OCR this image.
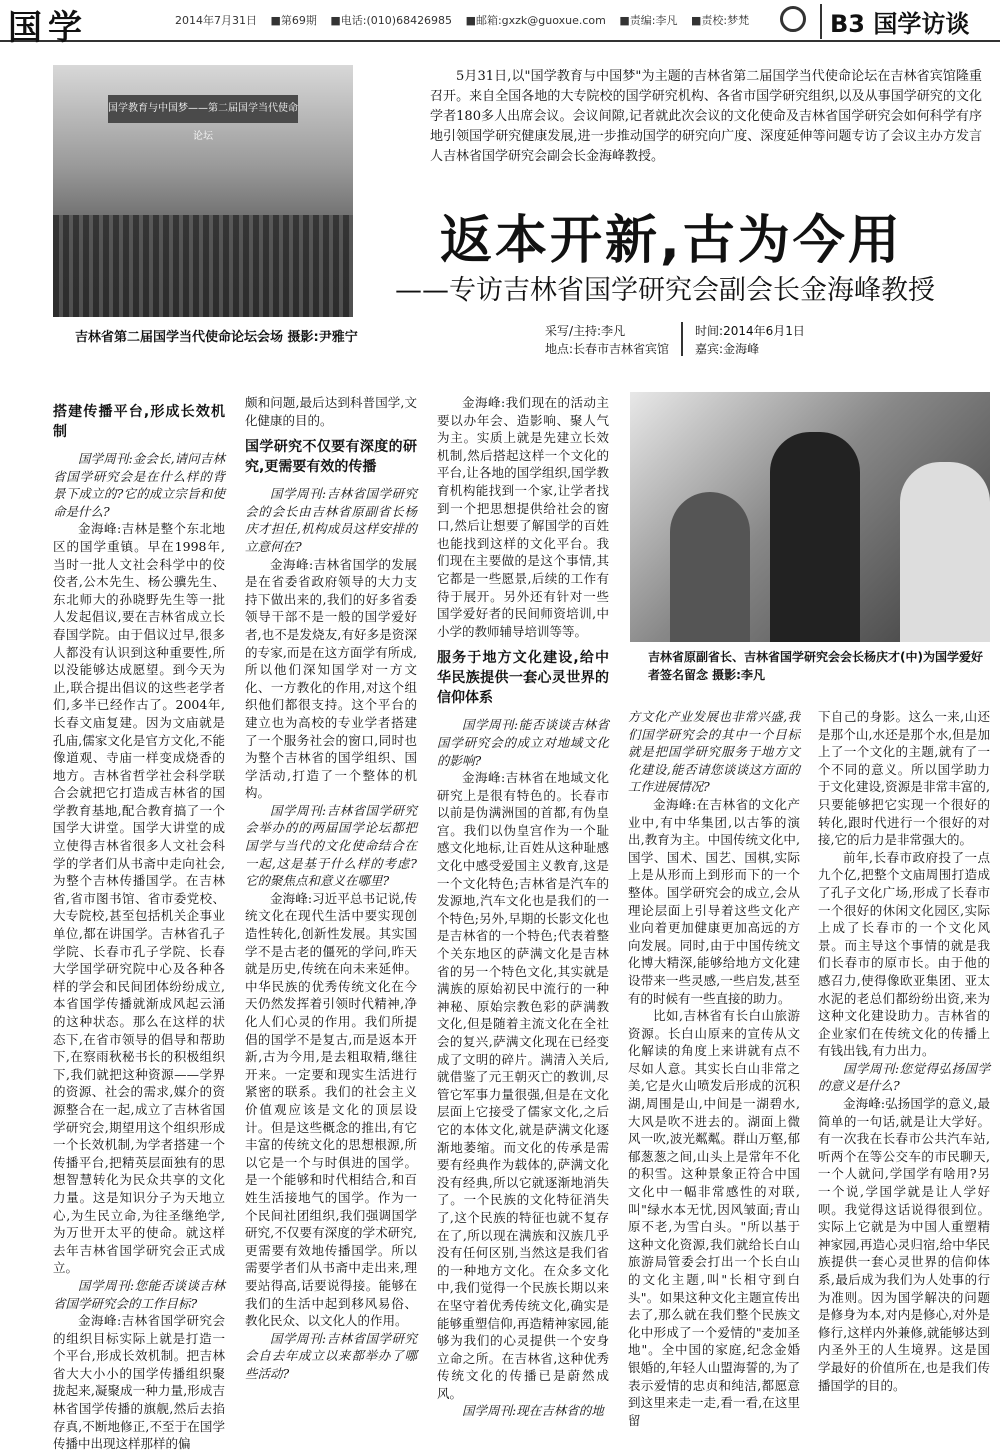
国学	2014年7月31日 ■第69期 ■电话:(010)68426985 ■邮箱:gxzk@guoxue.com ■责编:李凡 ■责校:梦梵	B3 国学访谈
国学教育与中国梦——第二届国学当代使命论坛
吉林省第二届国学当代使命论坛会场 摄影:尹雅宁
5月31日,以"国学教育与中国梦"为主题的吉林省第二届国学当代使命论坛在吉林省宾馆隆重召开。来自全国各地的大专院校的国学研究机构、各省市国学研究组织,以及从事国学研究的文化学者180多人出席会议。会议间隙,记者就此次会议的文化使命及吉林省国学研究会如何科学有序地引领国学研究健康发展,进一步推动国学的研究向广度、深度延伸等问题专访了会议主办方发言人吉林省国学研究会副会长金海峰教授。
返本开新,古为今用
——专访吉林省国学研究会副会长金海峰教授
采写/主持:李凡
地点:长春市吉林省宾馆
时间:2014年6月1日
嘉宾:金海峰
吉林省原副省长、吉林省国学研究会会长杨庆才(中)为国学爱好者签名留念 摄影:李凡
搭建传播平台,形成长效机制

国学周刊:金会长,请问吉林省国学研究会是在什么样的背景下成立的?它的成立宗旨和使命是什么?

金海峰:吉林是整个东北地区的国学重镇。早在1998年,当时一批人文社会科学中的佼佼者,公木先生、杨公骥先生、东北师大的孙晓野先生等一批人发起倡议,要在吉林省成立长春国学院。由于倡议过早,很多人都没有认识到这种重要性,所以没能够达成愿望。到今天为止,联合提出倡议的这些老学者们,多半已经作古了。2004年,长春文庙复建。因为文庙就是孔庙,儒家文化是官方文化,不能像道观、寺庙一样变成烧香的地方。吉林省哲学社会科学联合会就把它打造成吉林省的国学教育基地,配合教育搞了一个国学大讲堂。国学大讲堂的成立使得吉林省很多人文社会科学的学者们从书斋中走向社会,为整个吉林传播国学。在吉林省,省市图书馆、省市委党校、大专院校,甚至包括机关企事业单位,都在讲国学。吉林省孔子学院、长春市孔子学院、长春大学国学研究院中心及各种各样的学会和民间团体纷纷成立,本省国学传播就渐成风起云涌的这种状态。那么在这样的状态下,在省市领导的倡导和帮助下,在察雨秋秘书长的积极组织下,我们就把这种资源——学界的资源、社会的需求,媒介的资源整合在一起,成立了吉林省国学研究会,期望用这个组织形成一个长效机制,为学者搭建一个传播平台,把精英层面独有的思想智慧转化为民众共享的文化力量。这是知识分子为天地立心,为生民立命,为往圣继绝学,为万世开太平的使命。就这样去年吉林省国学研究会正式成立。

国学周刊:您能否谈谈吉林省国学研究会的工作目标?

金海峰:吉林省国学研究会的组织目标实际上就是打造一个平台,形成长效机制。把吉林省大大小小的国学传播组织聚拢起来,凝聚成一种力量,形成吉林省国学传播的旗舰,然后去掐存真,不断地修正,不至于在国学传播中出现这样那样的偏

颇和问题,最后达到科普国学,文化健康的目的。

国学研究不仅要有深度的研究,更需要有效的传播

国学周刊:吉林省国学研究会的会长由吉林省原副省长杨庆才担任,机构成员这样安排的立意何在?

金海峰:吉林省国学的发展是在省委省政府领导的大力支持下做出来的,我们的好多省委领导干部不是一般的国学爱好者,也不是发烧友,有好多是资深的专家,而是在这方面学有所成,所以他们深知国学对一方文化、一方教化的作用,对这个组织他们都很支持。这个平台的建立也为高校的专业学者搭建了一个服务社会的窗口,同时也为整个吉林省的国学组织、国学活动,打造了一个整体的机构。

国学周刊:吉林省国学研究会举办的的两届国学论坛都把国学与当代的文化使命结合在一起,这是基于什么样的考虑?它的聚焦点和意义在哪里?

金海峰:习近平总书记说,传统文化在现代生活中要实现创造性转化,创新性发展。其实国学不是古老的僵死的学问,昨天就是历史,传统在向未来延伸。中华民族的优秀传统文化在今天仍然发挥着引领时代精神,净化人们心灵的作用。我们所提倡的国学不是复古,而是返本开新,古为今用,是去粗取精,继往开来。一定要和现实生活进行紧密的联系。我们的社会主义价值观应该是文化的顶层设计。但是这些概念的推出,有它丰富的传统文化的思想根源,所以它是一个与时俱进的国学。是一个能够和时代相结合,和百姓生活接地气的国学。作为一个民间社团组织,我们强调国学研究,不仅要有深度的学术研究,更需要有效地传播国学。所以需要学者们从书斋中走出来,理要站得高,话要说得接。能够在我们的生活中起到移风易俗、教化民众、以文化人的作用。

国学周刊:吉林省国学研究会自去年成立以来都举办了哪些活动?

金海峰:我们现在的活动主要以办年会、造影响、聚人气为主。实质上就是先建立长效机制,然后搭起这样一个文化的平台,让各地的国学组织,国学教育机构能找到一个家,让学者找到一个把思想提供给社会的窗口,然后让想要了解国学的百姓也能找到这样的文化平台。我们现在主要做的是这个事情,其它都是一些愿景,后续的工作有待于展开。另外还有针对一些国学爱好者的民间师资培训,中小学的教师辅导培训等等。

服务于地方文化建设,给中华民族提供一套心灵世界的信仰体系

国学周刊:能否谈谈吉林省国学研究会的成立对地域文化的影响?

金海峰:吉林省在地域文化研究上是很有特色的。长春市以前是伪满洲国的首都,有伪皇宫。我们以伪皇宫作为一个耻感文化地标,让百姓从这种耻感文化中感受爱国主义教育,这是一个文化特色;吉林省是汽车的发源地,汽车文化也是我们的一个特色;另外,早期的长影文化也是吉林省的一个特色;代表着整个关东地区的萨满文化是吉林省的另一个特色文化,其实就是满族的原始初民中流行的一种神秘、原始宗教色彩的萨满教文化,但是随着主流文化在全社会的复兴,萨满文化现在已经变成了文明的碎片。满清入关后,就借鉴了元王朝灭亡的教训,尽管它军事力量很强,但是在文化层面上它接受了儒家文化,之后它的本体文化,就是萨满文化逐渐地萎缩。而文化的传承是需要有经典作为载体的,萨满文化没有经典,所以它就逐渐地消失了。一个民族的文化特征消失了,这个民族的特征也就不复存在了,所以现在满族和汉族几乎没有任何区别,当然这是我们省的一种地方文化。在众多文化中,我们觉得一个民族长期以来在坚守着优秀传统文化,确实是能够重塑信仰,再造精神家园,能够为我们的心灵提供一个安身立命之所。在吉林省,这种优秀传统文化的传播已是蔚然成风。

国学周刊:现在吉林省的地

方文化产业发展也非常兴盛,我们国学研究会的其中一个目标就是把国学研究服务于地方文化建设,能否请您谈谈这方面的工作进展情况?

金海峰:在吉林省的文化产业中,有中华集团,以古筝的演出,教育为主。中国传统文化中,国学、国术、国艺、国棋,实际上是从形而上到形而下的一个整体。国学研究会的成立,会从理论层面上引导着这些文化产业向着更加健康更加高远的方向发展。同时,由于中国传统文化博大精深,能够给地方文化建设带来一些灵感,一些启发,甚至有的时候有一些直接的助力。

比如,吉林省有长白山旅游资源。长白山原来的宣传从文化解读的角度上来讲就有点不尽如人意。其实长白山非常之美,它是火山喷发后形成的沉积湖,周围是山,中间是一湖碧水,大风是吹不进去的。湖面上微风一吹,波光粼粼。群山万壑,郁郁葱葱之间,山头上是常年不化的积雪。这种景象正符合中国文化中一幅非常感性的对联,叫"绿水本无忧,因风皱面;青山原不老,为雪白头。"所以基于这种文化资源,我们就给长白山旅游局管委会打出一个长白山的文化主题,叫"长相守到白头"。如果这种文化主题宣传出去了,那么就在我们整个民族文化中形成了一个爱情的"麦加圣地"。全中国的家庭,纪念金婚银婚的,年轻人山盟海誓的,为了表示爱情的忠贞和纯洁,都愿意到这里来走一走,看一看,在这里留

下自己的身影。这么一来,山还是那个山,水还是那个水,但是加上了一个文化的主题,就有了一个不同的意义。所以国学助力于文化建设,资源是非常丰富的,只要能够把它实现一个很好的转化,跟时代进行一个很好的对接,它的后力是非常强大的。

前年,长春市政府投了一点九个亿,把整个文庙周围打造成了孔子文化广场,形成了长春市一个很好的休闲文化园区,实际上成了长春市的一个文化风景。而主导这个事情的就是我们长春市的原市长。由于他的感召力,使得像欧亚集团、亚太水泥的老总们都纷纷出资,来为这种文化建设助力。吉林省的企业家们在传统文化的传播上有钱出钱,有力出力。

国学周刊:您觉得弘扬国学的意义是什么?

金海峰:弘扬国学的意义,最简单的一句话,就是让大学好。有一次我在长春市公共汽车站,听两个在等公交车的市民聊天,一个人就问,学国学有啥用?另一个说,学国学就是让人学好呗。我觉得这话说得很到位。实际上它就是为中国人重塑精神家园,再造心灵归宿,给中华民族提供一套心灵世界的信仰体系,最后成为我们为人处事的行为准则。因为国学解决的问题是修身为本,对内是修心,对外是修行,这样内外兼修,就能够达到内圣外王的人生境界。这是国学最好的价值所在,也是我们传播国学的目的。
